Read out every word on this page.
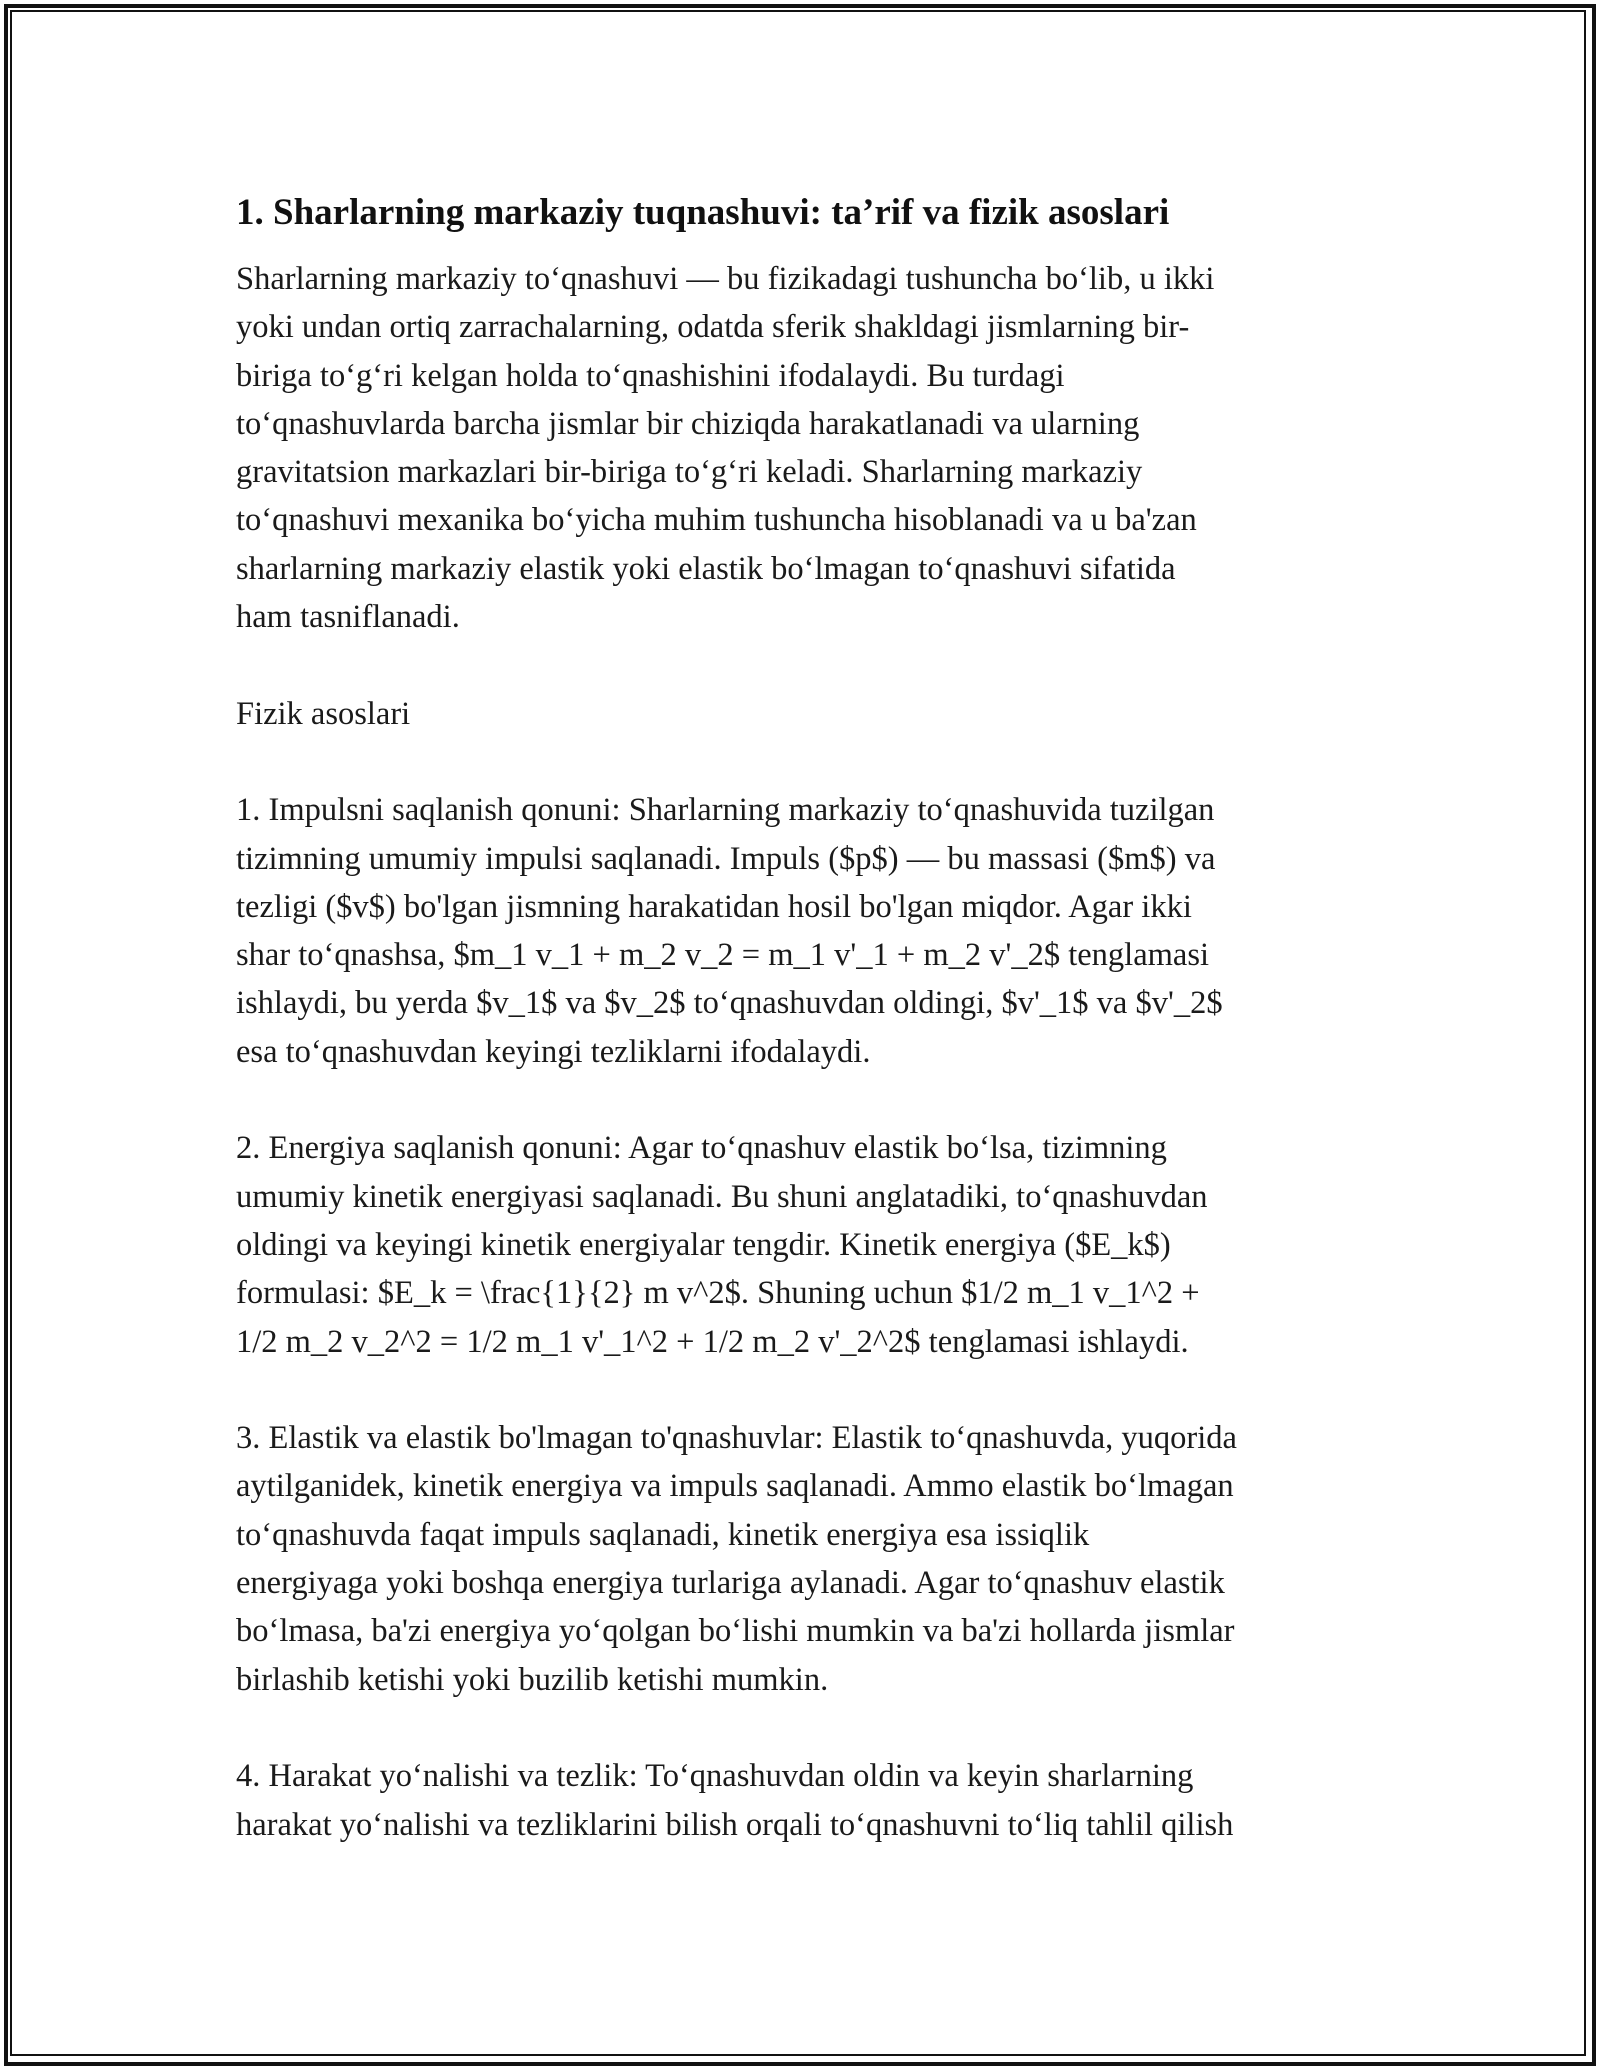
1. Sharlarning markaziy tuqnashuvi: ta’rif va fizik asoslari

Sharlarning markaziy to‘qnashuvi — bu fizikadagi tushuncha bo‘lib, u ikki
yoki undan ortiq zarrachalarning, odatda sferik shakldagi jismlarning bir-
biriga to‘g‘ri kelgan holda to‘qnashishini ifodalaydi. Bu turdagi
to‘qnashuvlarda barcha jismlar bir chiziqda harakatlanadi va ularning
gravitatsion markazlari bir-biriga to‘g‘ri keladi. Sharlarning markaziy
to‘qnashuvi mexanika bo‘yicha muhim tushuncha hisoblanadi va u ba'zan
sharlarning markaziy elastik yoki elastik bo‘lmagan to‘qnashuvi sifatida
ham tasniflanadi.

Fizik asoslari

1. Impulsni saqlanish qonuni: Sharlarning markaziy to‘qnashuvida tuzilgan
tizimning umumiy impulsi saqlanadi. Impuls ($p$) — bu massasi ($m$) va
tezligi ($v$) bo'lgan jismning harakatidan hosil bo'lgan miqdor. Agar ikki
shar to‘qnashsa, $m_1 v_1 + m_2 v_2 = m_1 v'_1 + m_2 v'_2$ tenglamasi
ishlaydi, bu yerda $v_1$ va $v_2$ to‘qnashuvdan oldingi, $v'_1$ va $v'_2$
esa to‘qnashuvdan keyingi tezliklarni ifodalaydi.

2. Energiya saqlanish qonuni: Agar to‘qnashuv elastik bo‘lsa, tizimning
umumiy kinetik energiyasi saqlanadi. Bu shuni anglatadiki, to‘qnashuvdan
oldingi va keyingi kinetik energiyalar tengdir. Kinetik energiya ($E_k$)
formulasi: $E_k = \frac{1}{2} m v^2$. Shuning uchun $1/2 m_1 v_1^2 +
1/2 m_2 v_2^2 = 1/2 m_1 v'_1^2 + 1/2 m_2 v'_2^2$ tenglamasi ishlaydi.

3. Elastik va elastik bo'lmagan to'qnashuvlar: Elastik to‘qnashuvda, yuqorida
aytilganidek, kinetik energiya va impuls saqlanadi. Ammo elastik bo‘lmagan
to‘qnashuvda faqat impuls saqlanadi, kinetik energiya esa issiqlik
energiyaga yoki boshqa energiya turlariga aylanadi. Agar to‘qnashuv elastik
bo‘lmasa, ba'zi energiya yo‘qolgan bo‘lishi mumkin va ba'zi hollarda jismlar
birlashib ketishi yoki buzilib ketishi mumkin.

4. Harakat yo‘nalishi va tezlik: To‘qnashuvdan oldin va keyin sharlarning
harakat yo‘nalishi va tezliklarini bilish orqali to‘qnashuvni to‘liq tahlil qilish
